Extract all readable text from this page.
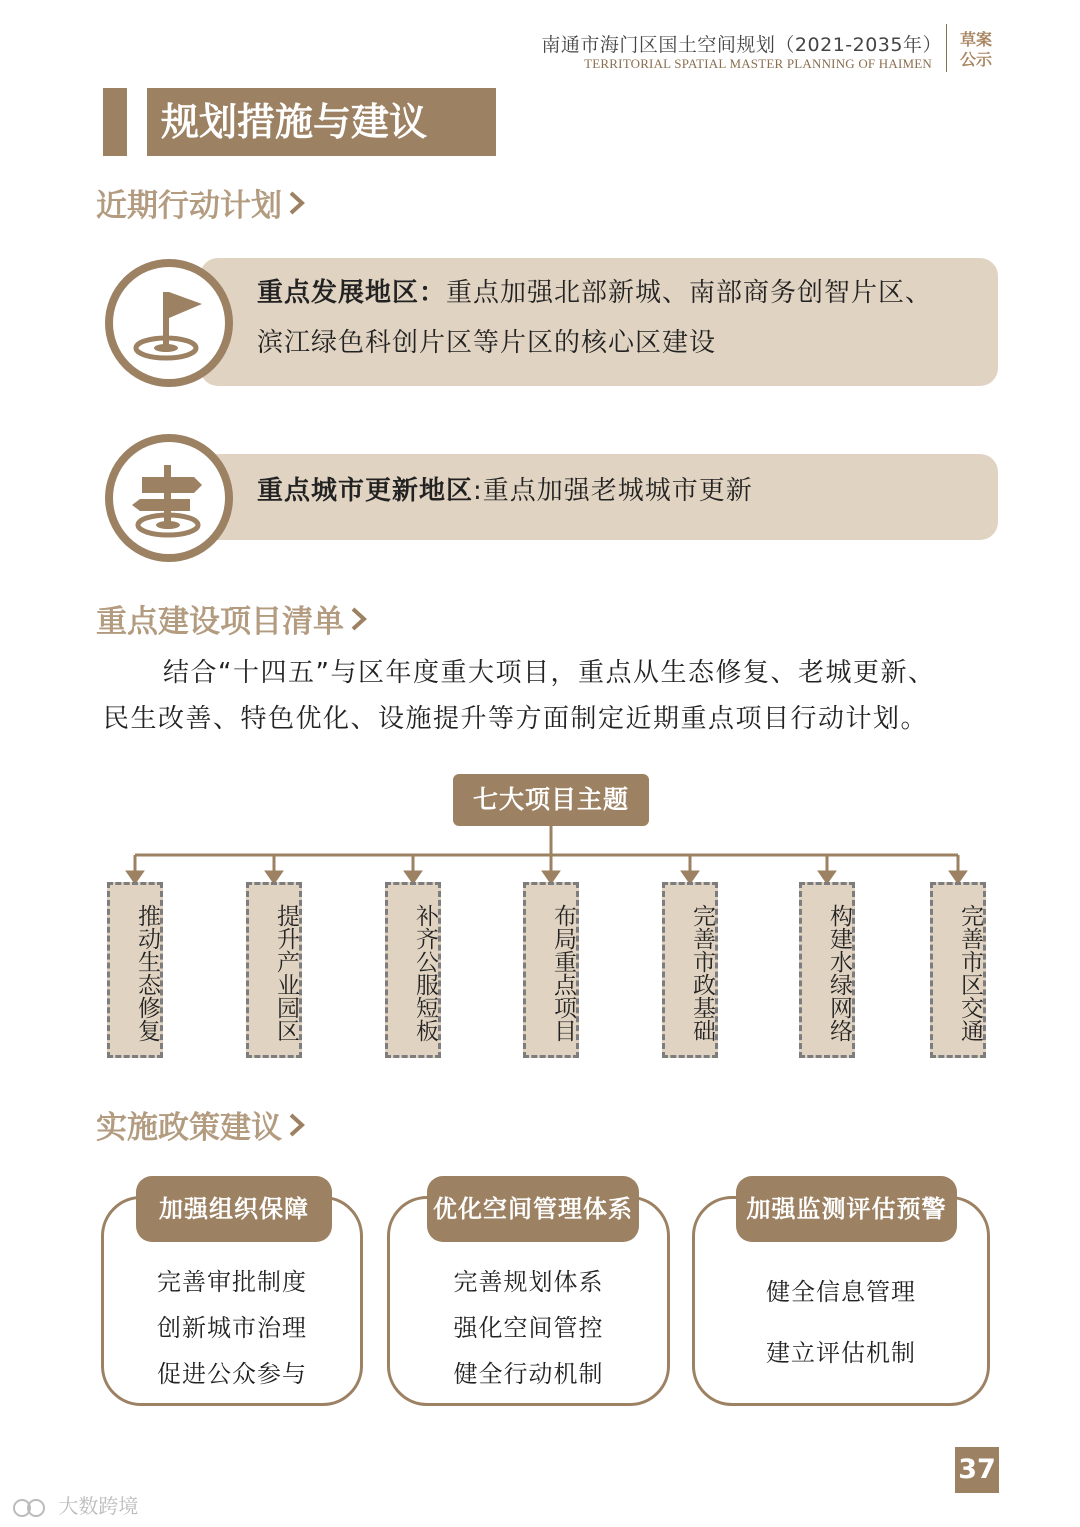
南通市海门区国土空间规划（2021-2035年）
TERRITORIAL SPATIAL MASTER PLANNING OF HAIMEN
草案
公示
规划措施与建议
近期行动计划
重点发展地区：重点加强北部新城、南部商务创智片区、
滨江绿色科创片区等片区的核心区建设
重点城市更新地区:重点加强老城城市更新
重点建设项目清单
结合“十四五”与区年度重大项目，重点从生态修复、老城更新、
民生改善、特色优化、设施提升等方面制定近期重点项目行动计划。
七大项目主题
推动生态修复	提升产业园区	补齐公服短板	布局重点项目	完善市政基础	构建水绿网络	完善市区交通
实施政策建议
加强组织保障
完善审批制度
创新城市治理
促进公众参与
优化空间管理体系
完善规划体系
强化空间管控
健全行动机制
加强监测评估预警
健全信息管理
建立评估机制
37
大数跨境
